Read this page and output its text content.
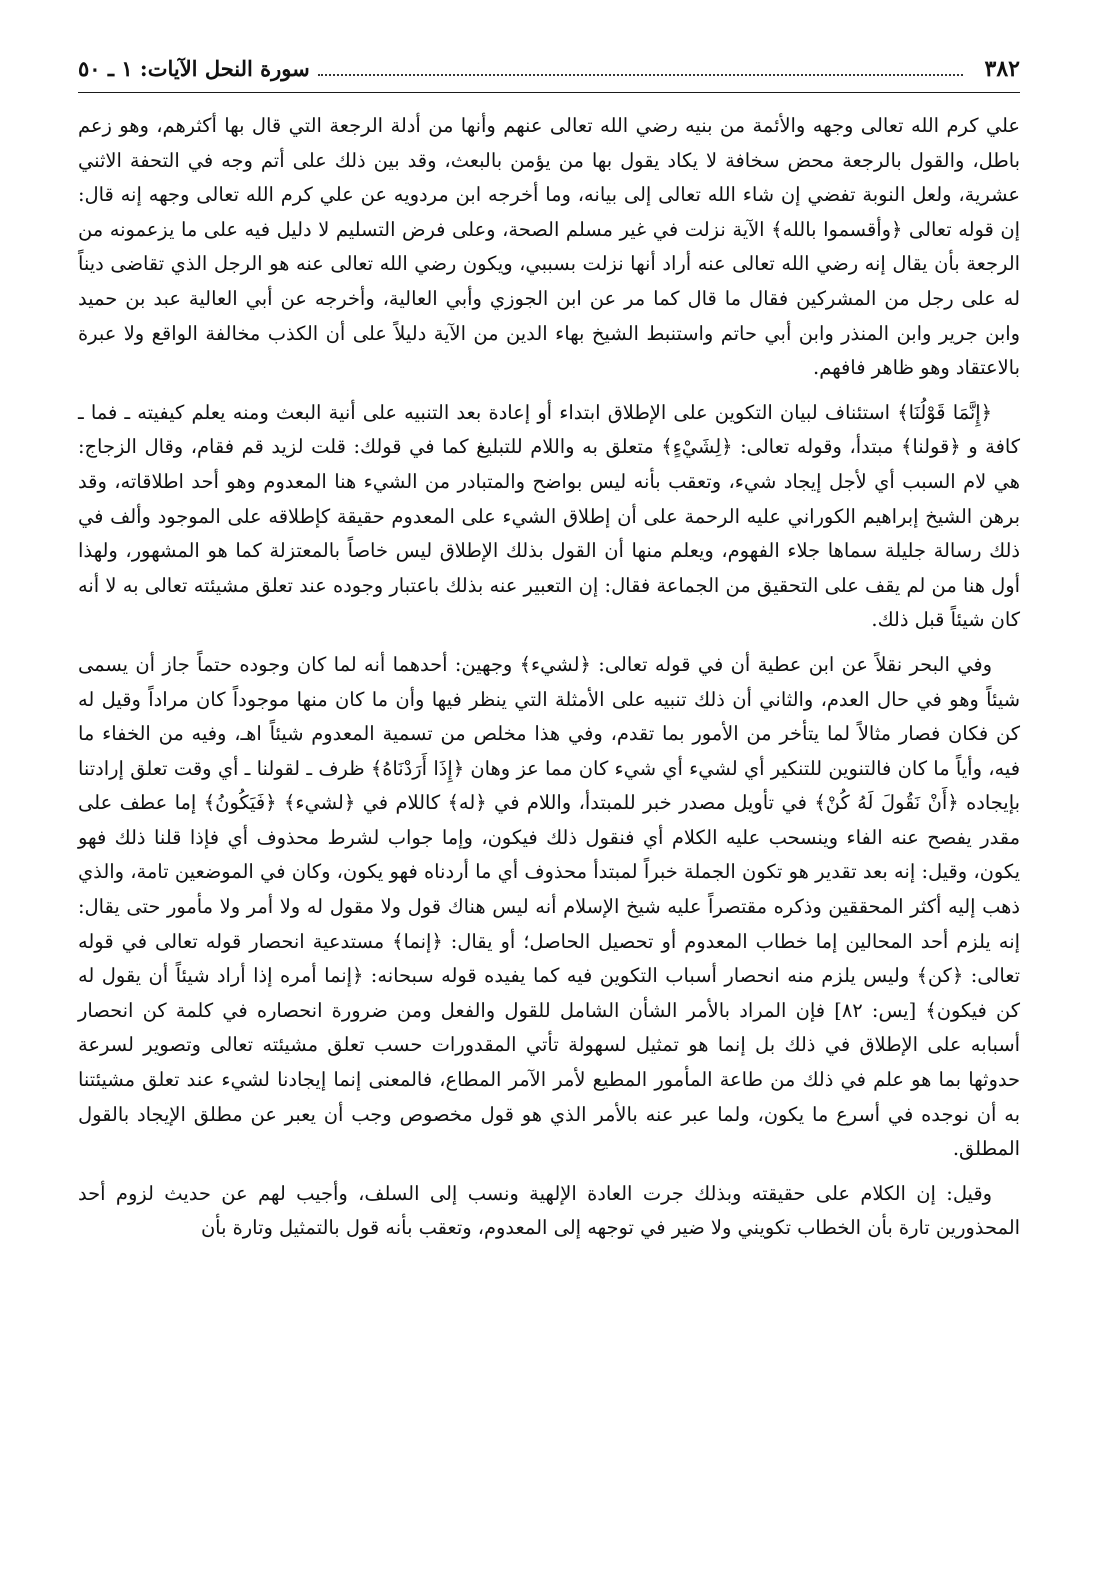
٣٨٢
سورة النحل الآيات: ١ ـ ٥٠

علي كرم الله تعالى وجهه والأئمة من بنيه رضي الله تعالى عنهم وأنها من أدلة الرجعة التي قال بها أكثرهم، وهو زعم باطل، والقول بالرجعة محض سخافة لا يكاد يقول بها من يؤمن بالبعث، وقد بين ذلك على أتم وجه في التحفة الاثني عشرية، ولعل النوبة تفضي إن شاء الله تعالى إلى بيانه، وما أخرجه ابن مردويه عن علي كرم الله تعالى وجهه إنه قال: إن قوله تعالى ﴿وأقسموا بالله﴾ الآية نزلت في غير مسلم الصحة، وعلى فرض التسليم لا دليل فيه على ما يزعمونه من الرجعة بأن يقال إنه رضي الله تعالى عنه أراد أنها نزلت بسببي، ويكون رضي الله تعالى عنه هو الرجل الذي تقاضى ديناً له على رجل من المشركين فقال ما قال كما مر عن ابن الجوزي وأبي العالية، وأخرجه عن أبي العالية عبد بن حميد وابن جرير وابن المنذر وابن أبي حاتم واستنبط الشيخ بهاء الدين من الآية دليلاً على أن الكذب مخالفة الواقع ولا عبرة بالاعتقاد وهو ظاهر فافهم.

﴿إِنَّمَا قَوْلُنَا﴾ استئناف لبيان التكوين على الإطلاق ابتداء أو إعادة بعد التنبيه على أنية البعث ومنه يعلم كيفيته ـ فما ـ كافة و ﴿قولنا﴾ مبتدأ، وقوله تعالى: ﴿لِشَيْءٍ﴾ متعلق به واللام للتبليغ كما في قولك: قلت لزيد قم فقام، وقال الزجاج: هي لام السبب أي لأجل إيجاد شيء، وتعقب بأنه ليس بواضح والمتبادر من الشيء هنا المعدوم وهو أحد اطلاقاته، وقد برهن الشيخ إبراهيم الكوراني عليه الرحمة على أن إطلاق الشيء على المعدوم حقيقة كإطلاقه على الموجود وألف في ذلك رسالة جليلة سماها جلاء الفهوم، ويعلم منها أن القول بذلك الإطلاق ليس خاصاً بالمعتزلة كما هو المشهور، ولهذا أول هنا من لم يقف على التحقيق من الجماعة فقال: إن التعبير عنه بذلك باعتبار وجوده عند تعلق مشيئته تعالى به لا أنه كان شيئاً قبل ذلك.

وفي البحر نقلاً عن ابن عطية أن في قوله تعالى: ﴿لشيء﴾ وجهين: أحدهما أنه لما كان وجوده حتماً جاز أن يسمى شيئاً وهو في حال العدم، والثاني أن ذلك تنبيه على الأمثلة التي ينظر فيها وأن ما كان منها موجوداً كان مراداً وقيل له كن فكان فصار مثالاً لما يتأخر من الأمور بما تقدم، وفي هذا مخلص من تسمية المعدوم شيئاً اهـ، وفيه من الخفاء ما فيه، وأياً ما كان فالتنوين للتنكير أي لشيء أي شيء كان مما عز وهان ﴿إِذَا أَرَدْنَاهُ﴾ ظرف ـ لقولنا ـ أي وقت تعلق إرادتنا بإيجاده ﴿أَنْ نَقُولَ لَهُ كُنْ﴾ في تأويل مصدر خبر للمبتدأ، واللام في ﴿له﴾ كاللام في ﴿لشيء﴾ ﴿فَيَكُونُ﴾ إما عطف على مقدر يفصح عنه الفاء وينسحب عليه الكلام أي فنقول ذلك فيكون، وإما جواب لشرط محذوف أي فإذا قلنا ذلك فهو يكون، وقيل: إنه بعد تقدير هو تكون الجملة خبراً لمبتدأ محذوف أي ما أردناه فهو يكون، وكان في الموضعين تامة، والذي ذهب إليه أكثر المحققين وذكره مقتصراً عليه شيخ الإسلام أنه ليس هناك قول ولا مقول له ولا أمر ولا مأمور حتى يقال: إنه يلزم أحد المحالين إما خطاب المعدوم أو تحصيل الحاصل؛ أو يقال: ﴿إنما﴾ مستدعية انحصار قوله تعالى في قوله تعالى: ﴿كن﴾ وليس يلزم منه انحصار أسباب التكوين فيه كما يفيده قوله سبحانه: ﴿إنما أمره إذا أراد شيئاً أن يقول له كن فيكون﴾ [يس: ٨٢] فإن المراد بالأمر الشأن الشامل للقول والفعل ومن ضرورة انحصاره في كلمة كن انحصار أسبابه على الإطلاق في ذلك بل إنما هو تمثيل لسهولة تأتي المقدورات حسب تعلق مشيئته تعالى وتصوير لسرعة حدوثها بما هو علم في ذلك من طاعة المأمور المطيع لأمر الآمر المطاع، فالمعنى إنما إيجادنا لشيء عند تعلق مشيئتنا به أن نوجده في أسرع ما يكون، ولما عبر عنه بالأمر الذي هو قول مخصوص وجب أن يعبر عن مطلق الإيجاد بالقول المطلق.

وقيل: إن الكلام على حقيقته وبذلك جرت العادة الإلهية ونسب إلى السلف، وأجيب لهم عن حديث لزوم أحد المحذورين تارة بأن الخطاب تكويني ولا ضير في توجهه إلى المعدوم، وتعقب بأنه قول بالتمثيل وتارة بأن
